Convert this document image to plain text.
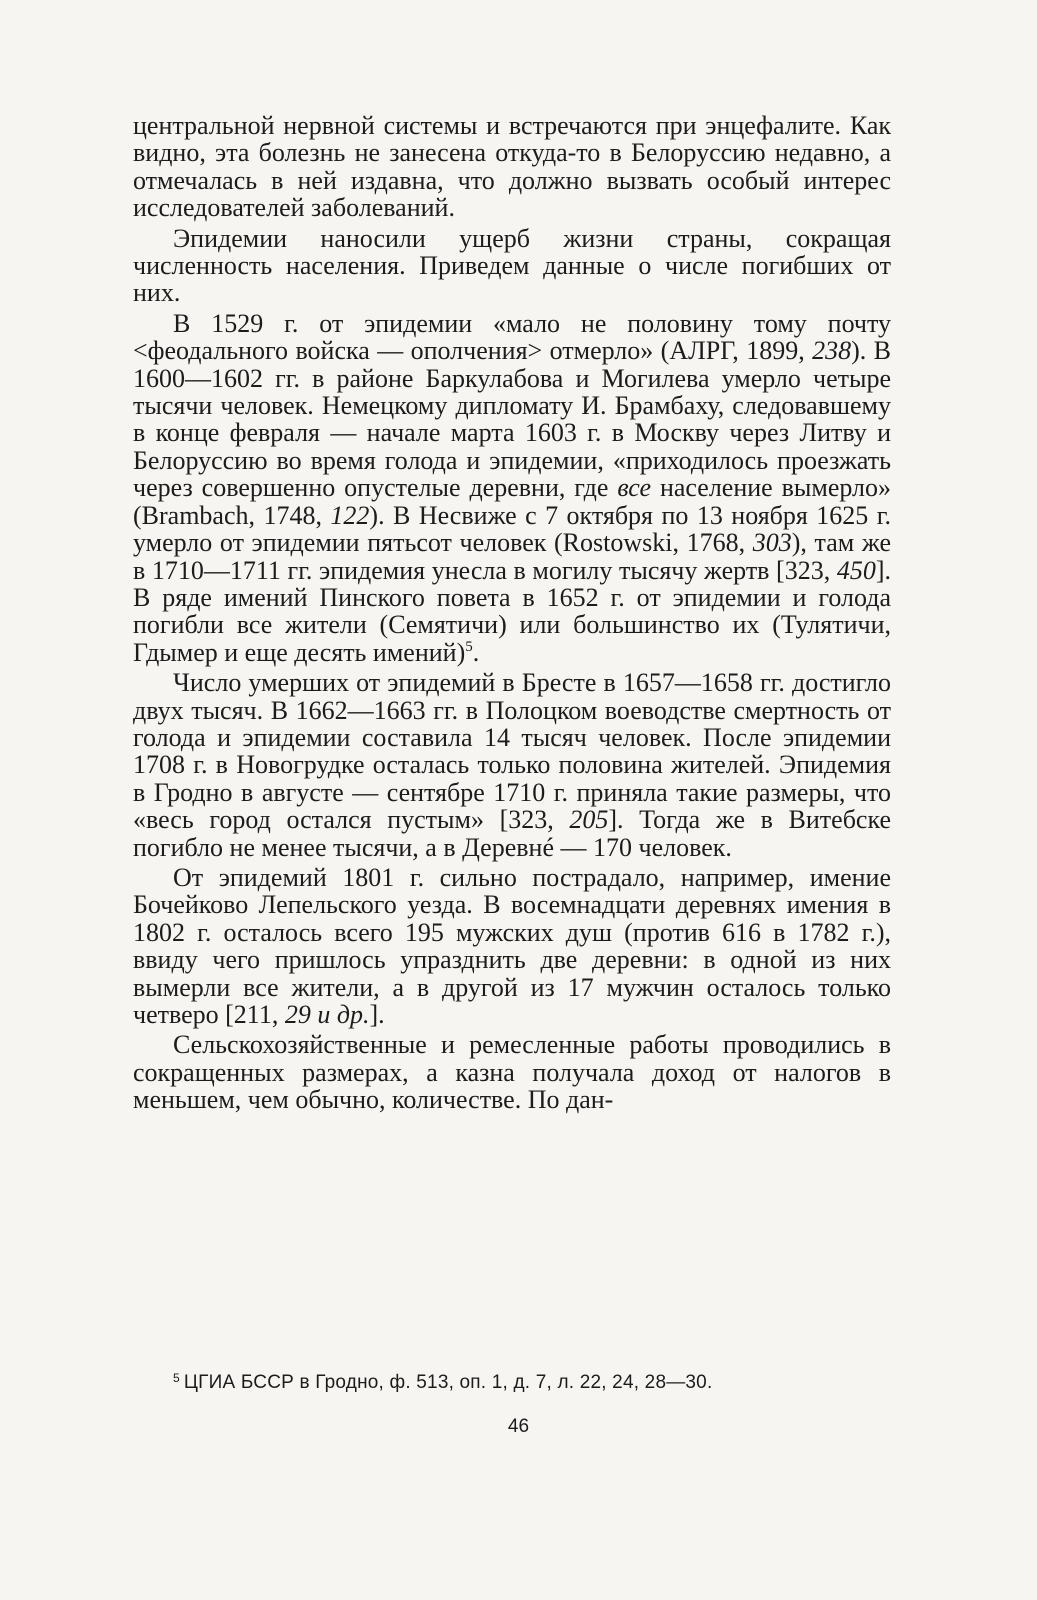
центральной нервной системы и встречаются при энцефалите. Как видно, эта болезнь не занесена откуда-то в Белоруссию недавно, а отмечалась в ней издавна, что должно вызвать особый интерес исследователей заболеваний.

Эпидемии наносили ущерб жизни страны, сокращая численность населения. Приведем данные о числе погибших от них.

В 1529 г. от эпидемии «мало не половину тому почту <феодального войска — ополчения> отмерло» (АЛРГ, 1899, 238). В 1600—1602 гг. в районе Баркулабова и Могилева умерло четыре тысячи человек. Немецкому дипломату И. Брамбаху, следовавшему в конце февраля — начале марта 1603 г. в Москву через Литву и Белоруссию во время голода и эпидемии, «приходилось проезжать через совершенно опустелые деревни, где все население вымерло» (Brambach, 1748, 122). В Несвиже с 7 октября по 13 ноября 1625 г. умерло от эпидемии пятьсот человек (Rostowski, 1768, 303), там же в 1710—1711 гг. эпидемия унесла в могилу тысячу жертв [323, 450]. В ряде имений Пинского повета в 1652 г. от эпидемии и голода погибли все жители (Семятичи) или большинство их (Тулятичи, Гдымер и еще десять имений)$^5$.

Число умерших от эпидемий в Бресте в 1657—1658 гг. достигло двух тысяч. В 1662—1663 гг. в Полоцком воеводстве смертность от голода и эпидемии составила 14 тысяч человек. После эпидемии 1708 г. в Новогрудке осталась только половина жителей. Эпидемия в Гродно в августе — сентябре 1710 г. приняла такие размеры, что «весь город остался пустым» [323, 205]. Тогда же в Витебске погибло не менее тысячи, а в Деревнé — 170 человек.

От эпидемий 1801 г. сильно пострадало, например, имение Бочейково Лепельского уезда. В восемнадцати деревнях имения в 1802 г. осталось всего 195 мужских душ (против 616 в 1782 г.), ввиду чего пришлось упразднить две деревни: в одной из них вымерли все жители, а в другой из 17 мужчин осталось только четверо [211, 29 и др.].

Сельскохозяйственные и ремесленные работы проводились в сокращенных размерах, а казна получала доход от налогов в меньшем, чем обычно, количестве. По дан-

$^5$ ЦГИА БССР в Гродно, ф. 513, оп. 1, д. 7, л. 22, 24, 28—30.
46
